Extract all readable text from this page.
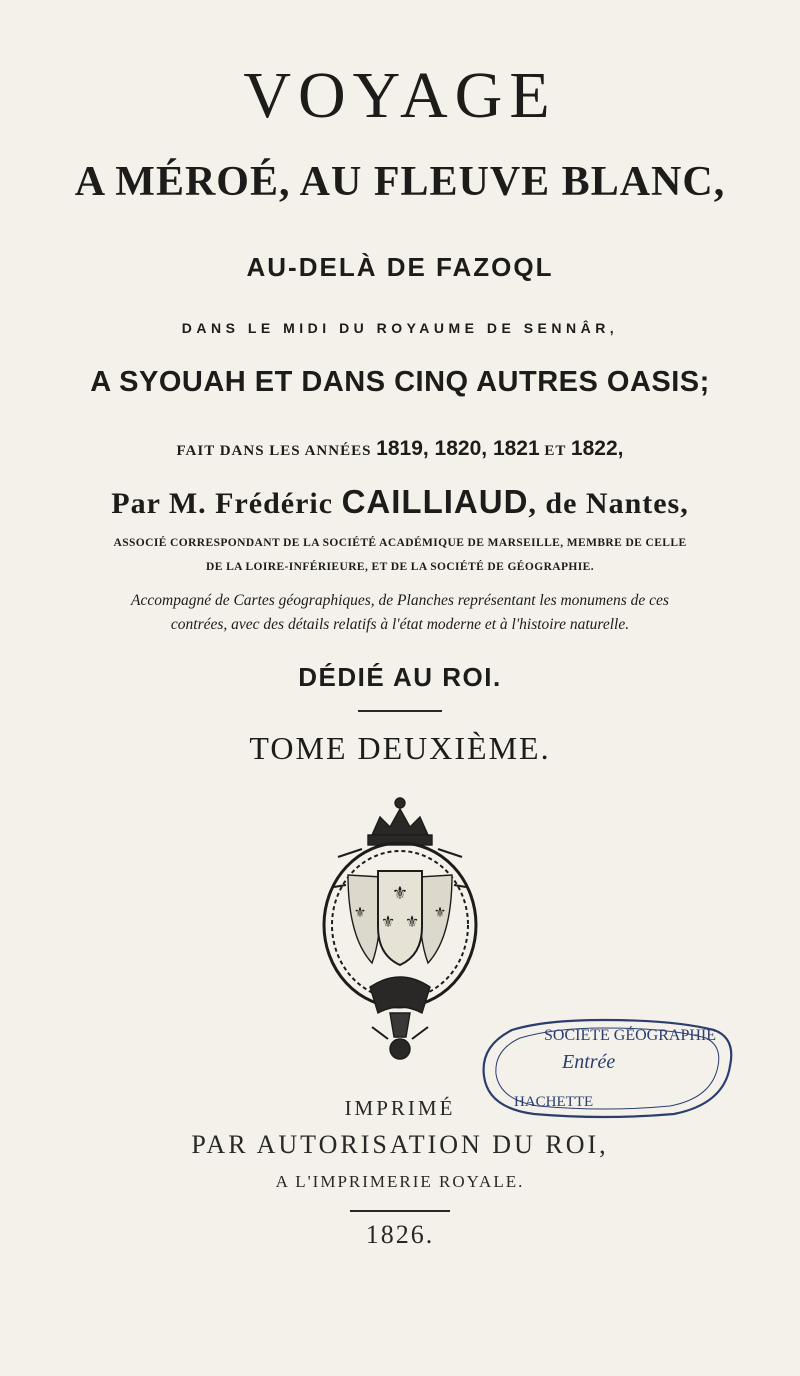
VOYAGE
A MÉROÉ, AU FLEUVE BLANC,
AU-DELÀ DE FAZOQL
DANS LE MIDI DU ROYAUME DE SENNÂR,
A SYOUAH ET DANS CINQ AUTRES OASIS;
FAIT DANS LES ANNÉES 1819, 1820, 1821 ET 1822,
Par M. Frédéric CAILLIAUD, de Nantes,
ASSOCIÉ CORRESPONDANT DE LA SOCIÉTÉ ACADÉMIQUE DE MARSEILLE, MEMBRE DE CELLE
DE LA LOIRE-INFÉRIEURE, ET DE LA SOCIÉTÉ DE GÉOGRAPHIE.
Accompagné de Cartes géographiques, de Planches représentant les monumens de ces
contrées, avec des détails relatifs à l'état moderne et à l'histoire naturelle.
DÉDIÉ AU ROI.
TOME DEUXIÈME.
⚜
⚜ ⚜
⚜	⚜
SOCIETE GÉOGRAPHIE
Entrée
HACHETTE
IMPRIMÉ
PAR AUTORISATION DU ROI,
A L'IMPRIMERIE ROYALE.
1826.
